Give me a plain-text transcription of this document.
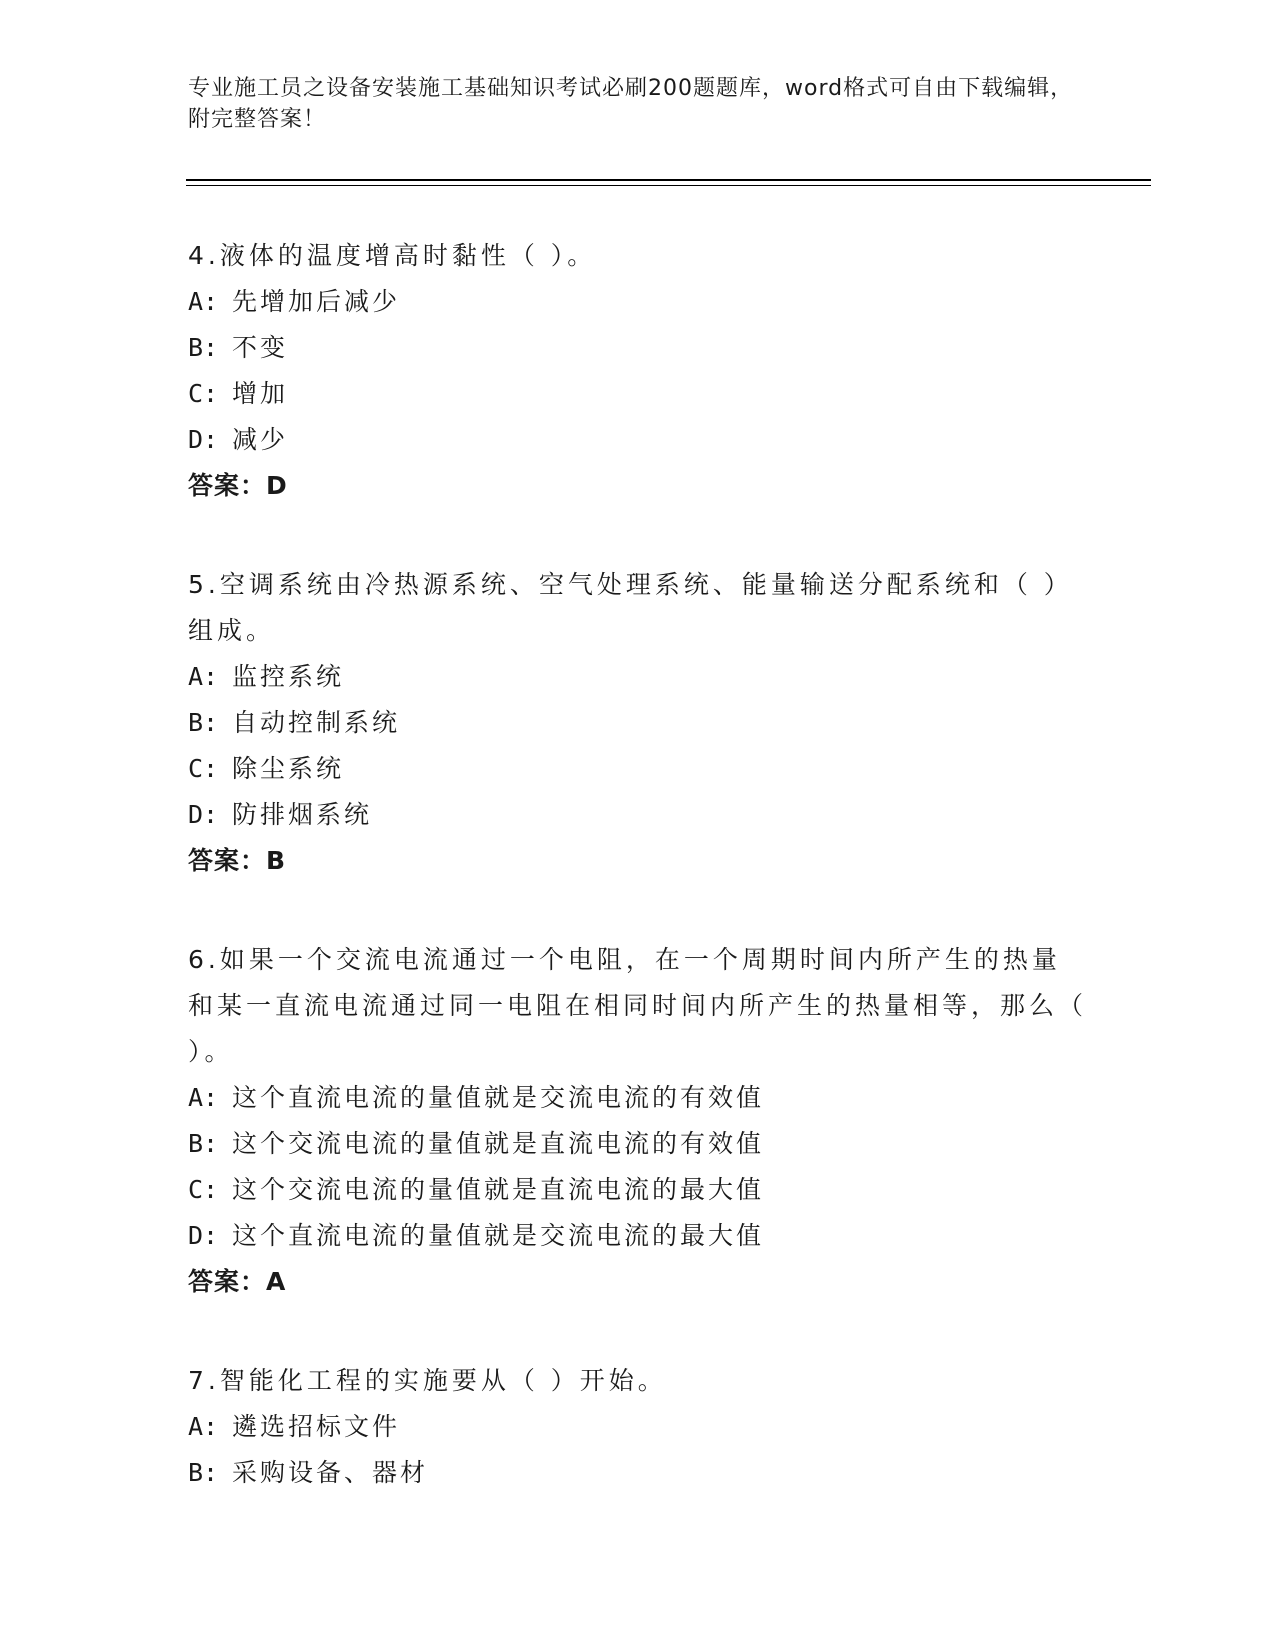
专业施工员之设备安装施工基础知识考试必刷200题题库，word格式可自由下载编辑，附完整答案！
4.液体的温度增高时黏性（ ）。
A: 先增加后减少
B: 不变
C: 增加
D: 减少
答案：D
5.空调系统由冷热源系统、空气处理系统、能量输送分配系统和（ ）组成。
A: 监控系统
B: 自动控制系统
C: 除尘系统
D: 防排烟系统
答案：B
6.如果一个交流电流通过一个电阻，在一个周期时间内所产生的热量和某一直流电流通过同一电阻在相同时间内所产生的热量相等，那么（ ）。
A: 这个直流电流的量值就是交流电流的有效值
B: 这个交流电流的量值就是直流电流的有效值
C: 这个交流电流的量值就是直流电流的最大值
D: 这个直流电流的量值就是交流电流的最大值
答案：A
7.智能化工程的实施要从（ ）开始。
A: 遴选招标文件
B: 采购设备、器材
